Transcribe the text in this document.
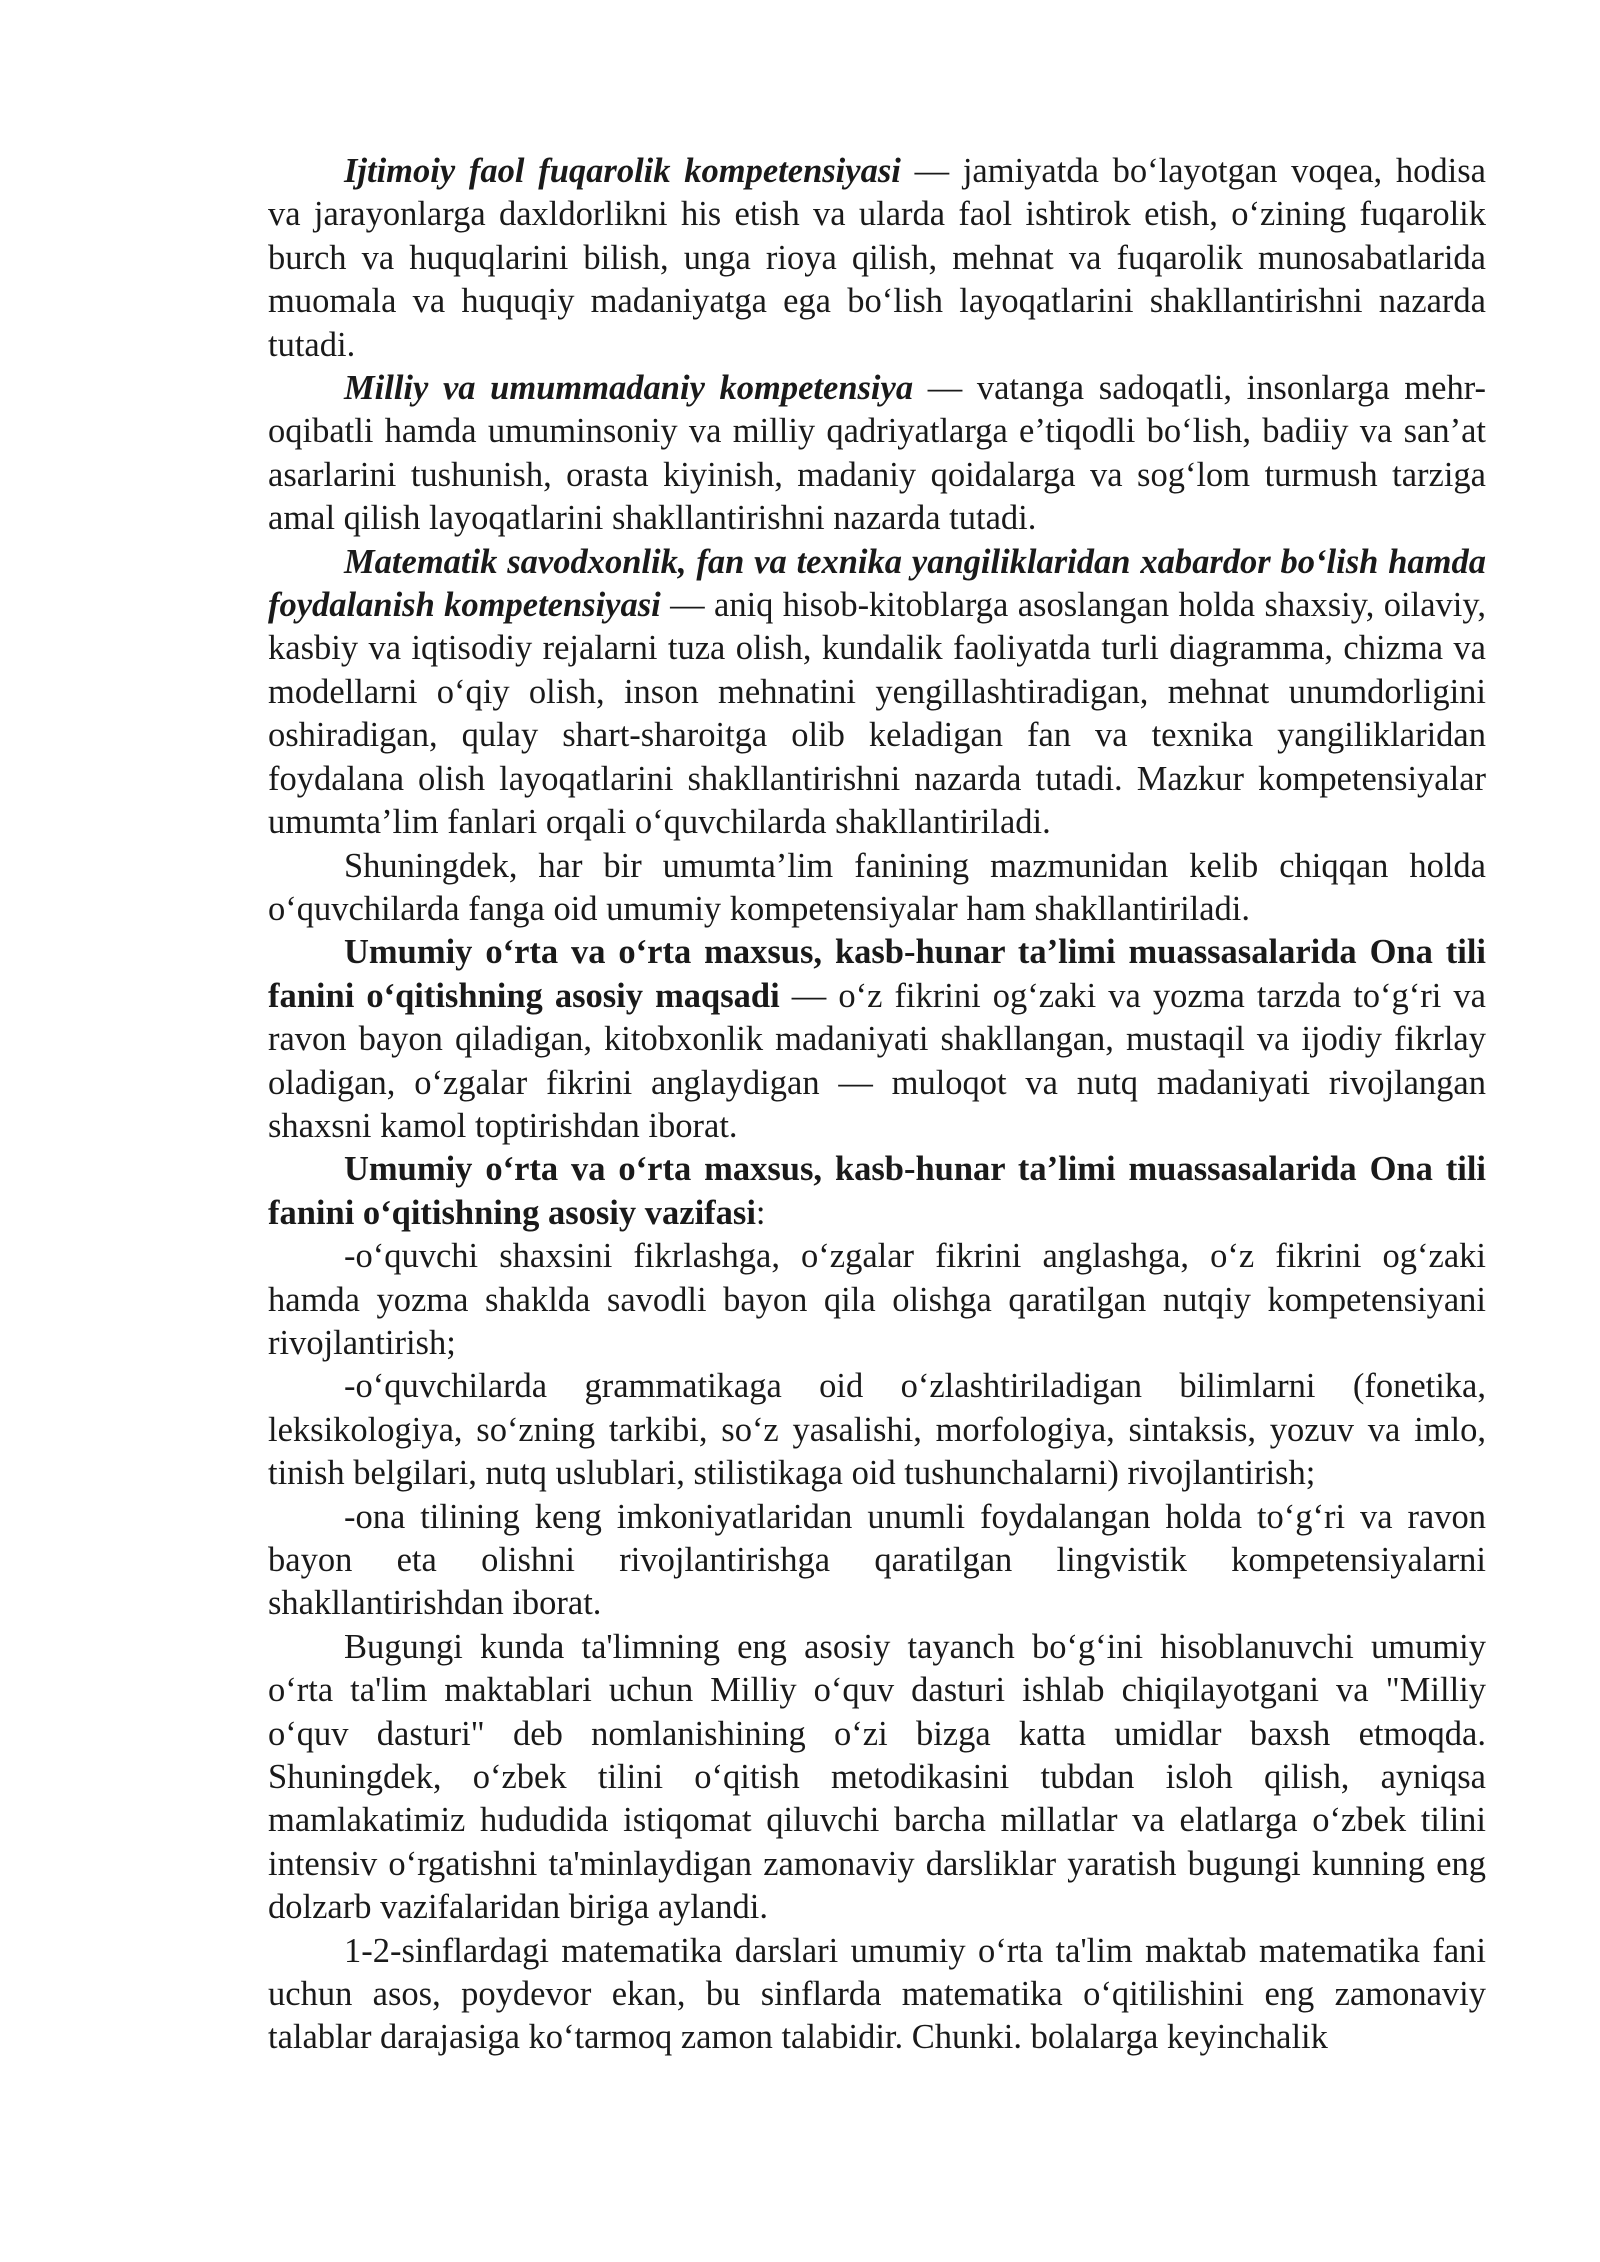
Ijtimoiy faol fuqarolik kompetensiyasi — jamiyatda bo‘layotgan voqea, hodisa va jarayonlarga daxldorlikni his etish va ularda faol ishtirok etish, o‘zining fuqarolik burch va huquqlarini bilish, unga rioya qilish, mehnat va fuqarolik munosabatlarida muomala va huquqiy madaniyatga ega bo‘lish layoqatlarini shakllantirishni nazarda tutadi.

Milliy va umummadaniy kompetensiya — vatanga sadoqatli, insonlarga mehr-oqibatli hamda umuminsoniy va milliy qadriyatlarga e’tiqodli bo‘lish, badiiy va san’at asarlarini tushunish, orasta kiyinish, madaniy qoidalarga va sog‘lom turmush tarziga amal qilish layoqatlarini shakllantirishni nazarda tutadi.

Matematik savodxonlik, fan va texnika yangiliklaridan xabardor bo‘lish hamda foydalanish kompetensiyasi — aniq hisob-kitoblarga asoslangan holda shaxsiy, oilaviy, kasbiy va iqtisodiy rejalarni tuza olish, kundalik faoliyatda turli diagramma, chizma va modellarni o‘qiy olish, inson mehnatini yengillashtiradigan, mehnat unumdorligini oshiradigan, qulay shart-sharoitga olib keladigan fan va texnika yangiliklaridan foydalana olish layoqatlarini shakllantirishni nazarda tutadi. Mazkur kompetensiyalar umumta’lim fanlari orqali o‘quvchilarda shakllantiriladi.

Shuningdek, har bir umumta’lim fanining mazmunidan kelib chiqqan holda o‘quvchilarda fanga oid umumiy kompetensiyalar ham shakllantiriladi.

Umumiy o‘rta va o‘rta maxsus, kasb-hunar ta’limi muassasalarida Ona tili fanini o‘qitishning asosiy maqsadi — o‘z fikrini og‘zaki va yozma tarzda to‘g‘ri va ravon bayon qiladigan, kitobxonlik madaniyati shakllangan, mustaqil va ijodiy fikrlay oladigan, o‘zgalar fikrini anglaydigan — muloqot va nutq madaniyati rivojlangan shaxsni kamol toptirishdan iborat.

Umumiy o‘rta va o‘rta maxsus, kasb-hunar ta’limi muassasalarida Ona tili fanini o‘qitishning asosiy vazifasi:

-o‘quvchi shaxsini fikrlashga, o‘zgalar fikrini anglashga, o‘z fikrini og‘zaki hamda yozma shaklda savodli bayon qila olishga qaratilgan nutqiy kompetensiyani rivojlantirish;

-o‘quvchilarda grammatikaga oid o‘zlashtiriladigan bilimlarni (fonetika, leksikologiya, so‘zning tarkibi, so‘z yasalishi, morfologiya, sintaksis, yozuv va imlo, tinish belgilari, nutq uslublari, stilistikaga oid tushunchalarni) rivojlantirish;

-ona tilining keng imkoniyatlaridan unumli foydalangan holda to‘g‘ri va ravon bayon eta olishni rivojlantirishga qaratilgan lingvistik kompetensiyalarni shakllantirishdan iborat.

Bugungi kunda ta'limning eng asosiy tayanch bo‘g‘ini hisoblanuvchi umumiy o‘rta ta'lim maktablari uchun Milliy o‘quv dasturi ishlab chiqilayotgani va "Milliy o‘quv dasturi" deb nomlanishining o‘zi bizga katta umidlar baxsh etmoqda. Shuningdek, o‘zbek tilini o‘qitish metodikasini tubdan isloh qilish, ayniqsa mamlakatimiz hududida istiqomat qiluvchi barcha millatlar va elatlarga o‘zbek tilini intensiv o‘rgatishni ta'minlaydigan zamonaviy darsliklar yaratish bugungi kunning eng dolzarb vazifalaridan biriga aylandi.

1-2-sinflardagi matematika darslari umumiy o‘rta ta'lim maktab matematika fani uchun asos, poydevor ekan, bu sinflarda matematika o‘qitilishini eng zamonaviy talablar darajasiga ko‘tarmoq zamon talabidir. Chunki. bolalarga keyinchalik
